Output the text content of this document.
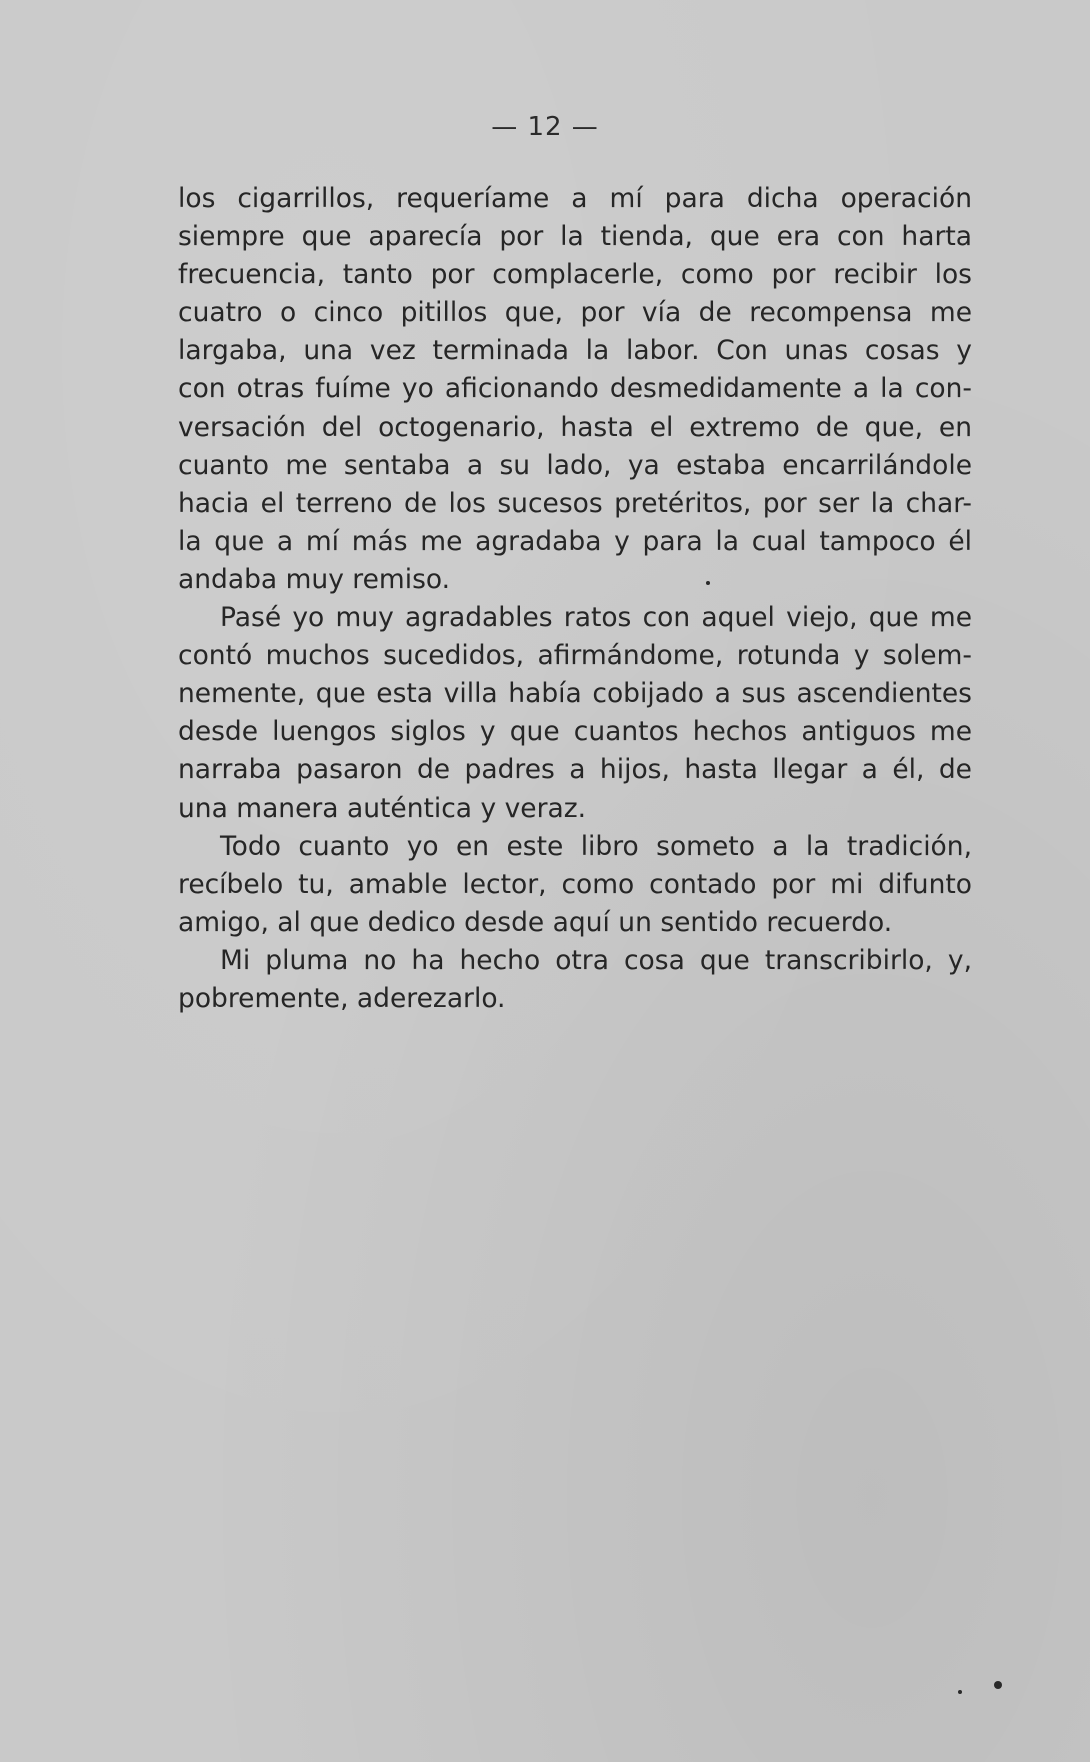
— 12 —
los cigarrillos, requeríame a mí para dicha operación
siempre que aparecía por la tienda, que era con harta
frecuencia, tanto por complacerle, como por recibir los
cuatro o cinco pitillos que, por vía de recompensa me
largaba, una vez terminada la labor. Con unas cosas y
con otras fuíme yo aficionando desmedidamente a la con-
versación del octogenario, hasta el extremo de que, en
cuanto me sentaba a su lado, ya estaba encarrilándole
hacia el terreno de los sucesos pretéritos, por ser la char-
la que a mí más me agradaba y para la cual tampoco él
andaba muy remiso.
Pasé yo muy agradables ratos con aquel viejo, que me
contó muchos sucedidos, afirmándome, rotunda y solem-
nemente, que esta villa había cobijado a sus ascendientes
desde luengos siglos y que cuantos hechos antiguos me
narraba pasaron de padres a hijos, hasta llegar a él, de
una manera auténtica y veraz.
Todo cuanto yo en este libro someto a la tradición,
recíbelo tu, amable lector, como contado por mi difunto
amigo, al que dedico desde aquí un sentido recuerdo.
Mi pluma no ha hecho otra cosa que transcribirlo, y,
pobremente, aderezarlo.
